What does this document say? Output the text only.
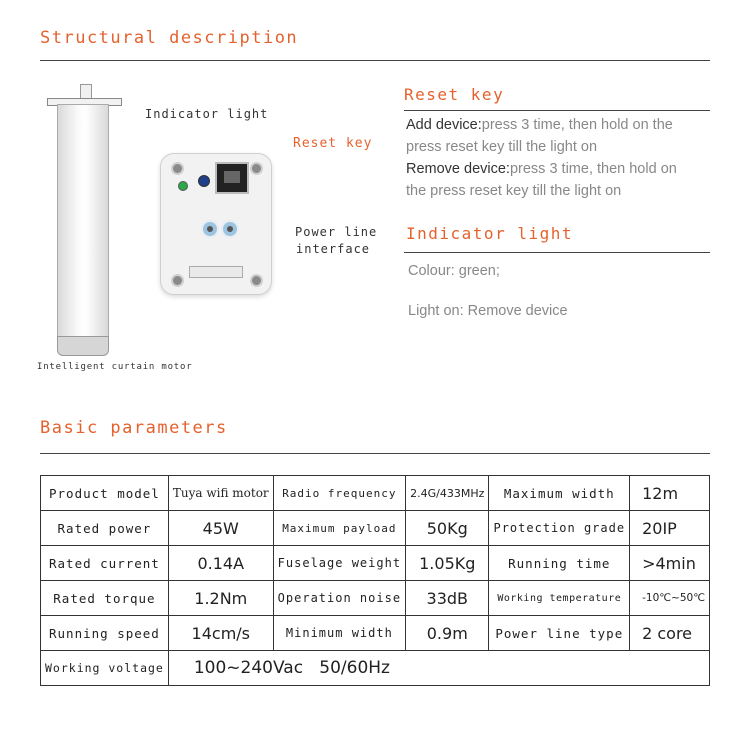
Structural description
Intelligent curtain motor
Indicator light
Reset key
Power line
interface
Reset key
Add device:press 3 time, then hold on the
press reset key till the light on
Remove device:press 3 time, then hold on
the press reset key till the light on
Indicator light
Colour: green;
Light on: Remove device
Basic parameters
Product model	Tuya wifi motor	Radio frequency	2.4G/433MHz	Maximum width	12m
Rated power	45W	Maximum payload	50Kg	Protection grade	20IP
Rated current	0.14A	Fuselage weight	1.05Kg	Running time	>4min
Rated torque	1.2Nm	Operation noise	33dB	Working temperature	-10℃~50℃
Running speed	14cm/s	Minimum width	0.9m	Power line type	2 core
Working voltage	100~240Vac   50/60Hz				
